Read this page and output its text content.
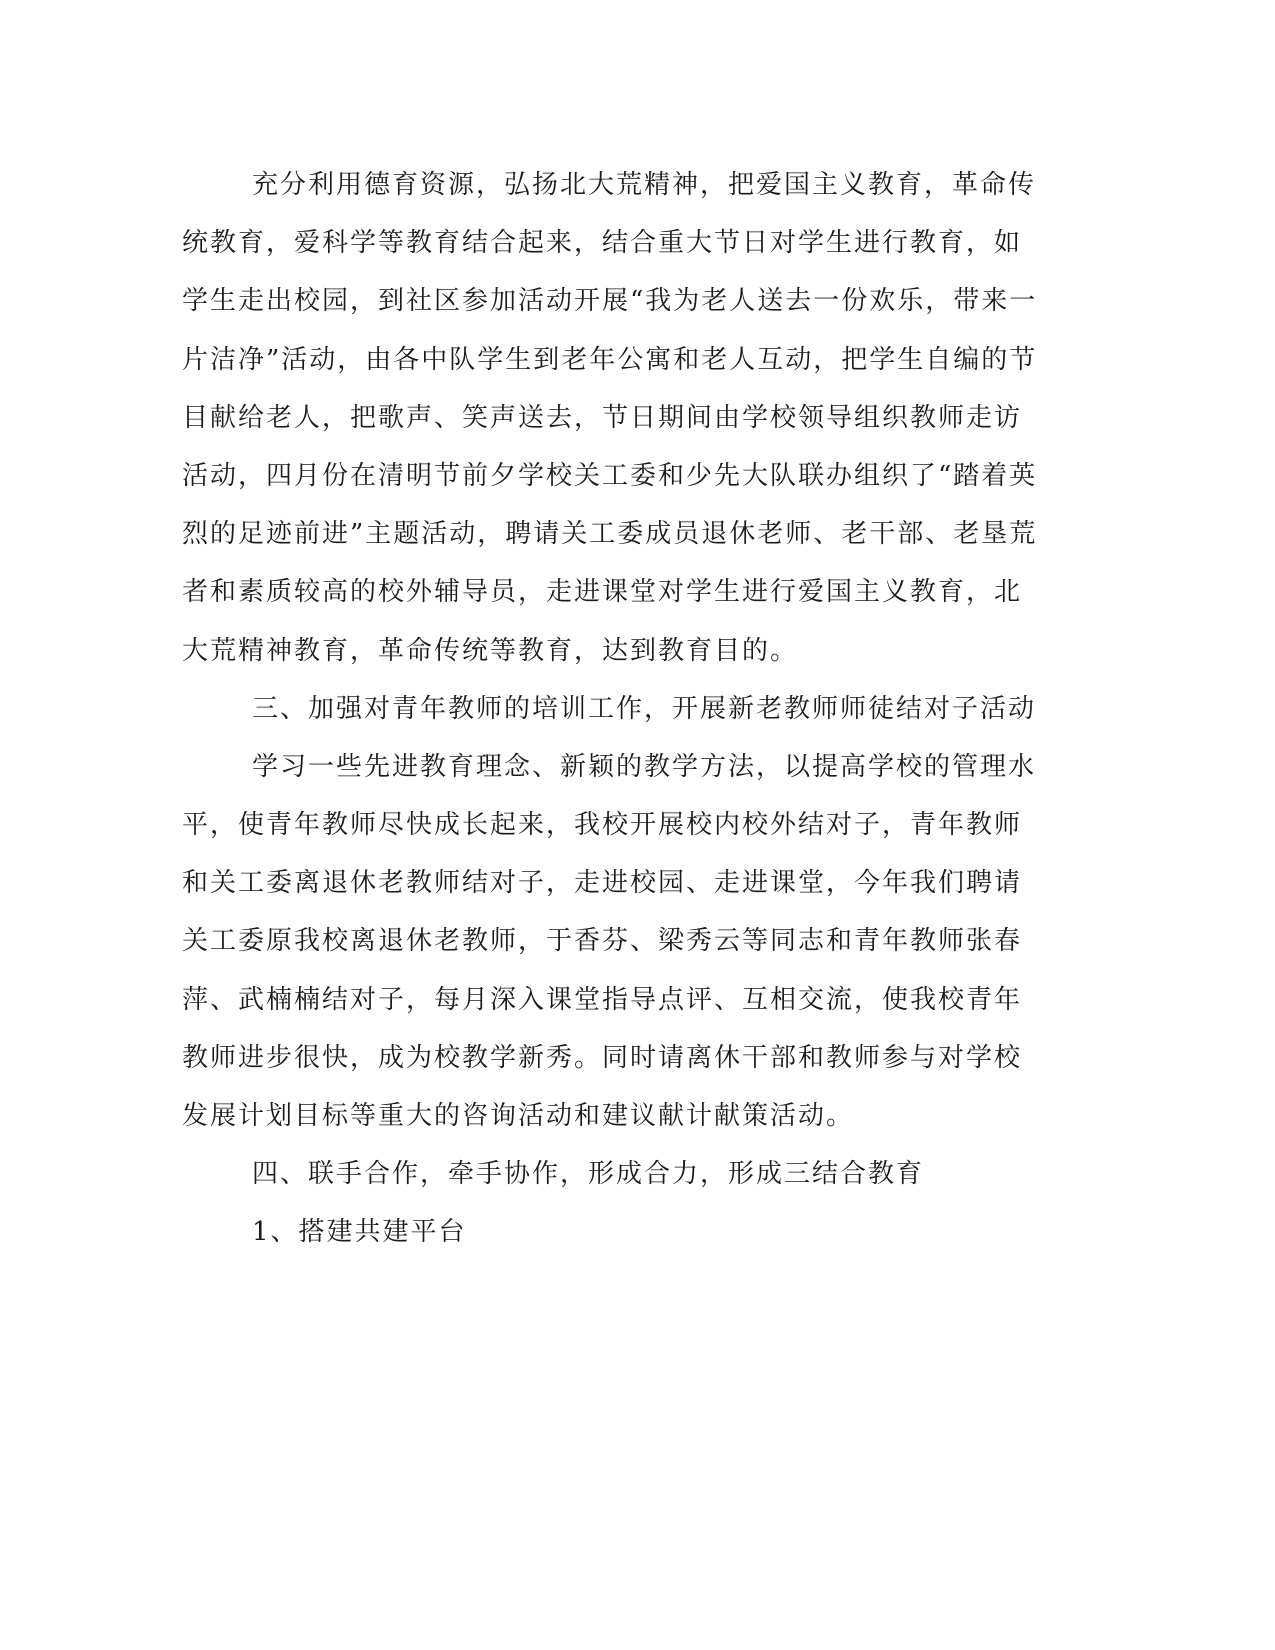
充分利用德育资源，弘扬北大荒精神，把爱国主义教育，革命传
统教育，爱科学等教育结合起来，结合重大节日对学生进行教育，如
学生走出校园，到社区参加活动开展“我为老人送去一份欢乐，带来一
片洁净”活动，由各中队学生到老年公寓和老人互动，把学生自编的节
目献给老人，把歌声、笑声送去，节日期间由学校领导组织教师走访
活动，四月份在清明节前夕学校关工委和少先大队联办组织了“踏着英
烈的足迹前进”主题活动，聘请关工委成员退休老师、老干部、老垦荒
者和素质较高的校外辅导员，走进课堂对学生进行爱国主义教育，北
大荒精神教育，革命传统等教育，达到教育目的。
三、加强对青年教师的培训工作，开展新老教师师徒结对子活动
学习一些先进教育理念、新颖的教学方法，以提高学校的管理水
平，使青年教师尽快成长起来，我校开展校内校外结对子，青年教师
和关工委离退休老教师结对子，走进校园、走进课堂，今年我们聘请
关工委原我校离退休老教师，于香芬、梁秀云等同志和青年教师张春
萍、武楠楠结对子，每月深入课堂指导点评、互相交流，使我校青年
教师进步很快，成为校教学新秀。同时请离休干部和教师参与对学校
发展计划目标等重大的咨询活动和建议献计献策活动。
四、联手合作，牵手协作，形成合力，形成三结合教育
1、搭建共建平台
